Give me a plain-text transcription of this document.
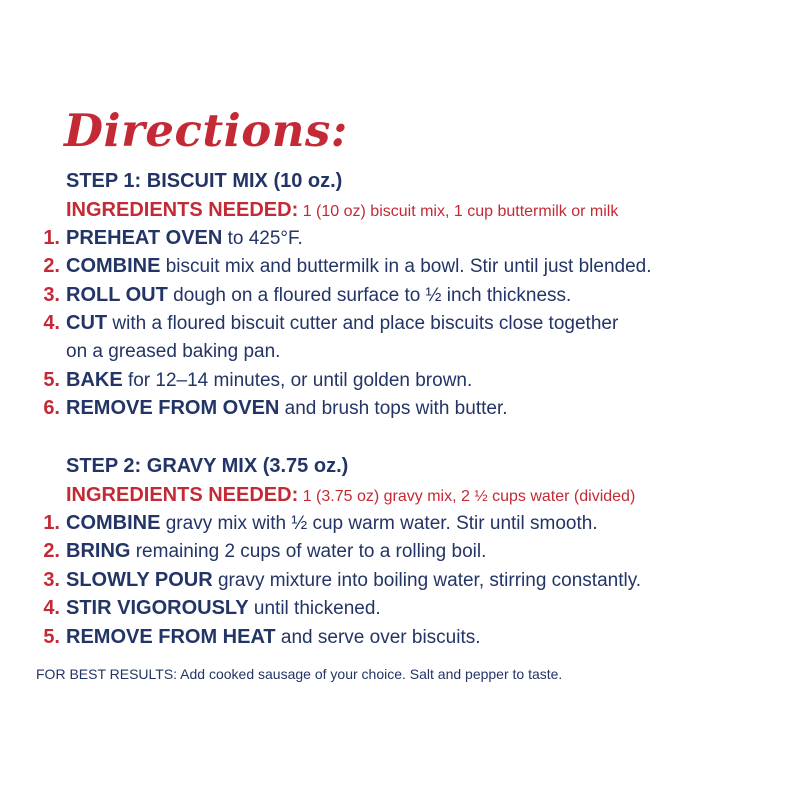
Directions:
STEP 1: BISCUIT MIX (10 oz.)
INGREDIENTS NEEDED: 1 (10 oz) biscuit mix, 1 cup buttermilk or milk
1. PREHEAT OVEN to 425°F.
2. COMBINE biscuit mix and buttermilk in a bowl. Stir until just blended.
3. ROLL OUT dough on a floured surface to ½ inch thickness.
4. CUT with a floured biscuit cutter and place biscuits close together
on a greased baking pan.
5. BAKE for 12–14 minutes, or until golden brown.
6. REMOVE FROM OVEN and brush tops with butter.
STEP 2: GRAVY MIX (3.75 oz.)
INGREDIENTS NEEDED: 1 (3.75 oz) gravy mix, 2 ½ cups water (divided)
1. COMBINE gravy mix with ½ cup warm water. Stir until smooth.
2. BRING remaining 2 cups of water to a rolling boil.
3. SLOWLY POUR gravy mixture into boiling water, stirring constantly.
4. STIR VIGOROUSLY until thickened.
5. REMOVE FROM HEAT and serve over biscuits.
FOR BEST RESULTS: Add cooked sausage of your choice. Salt and pepper to taste.
